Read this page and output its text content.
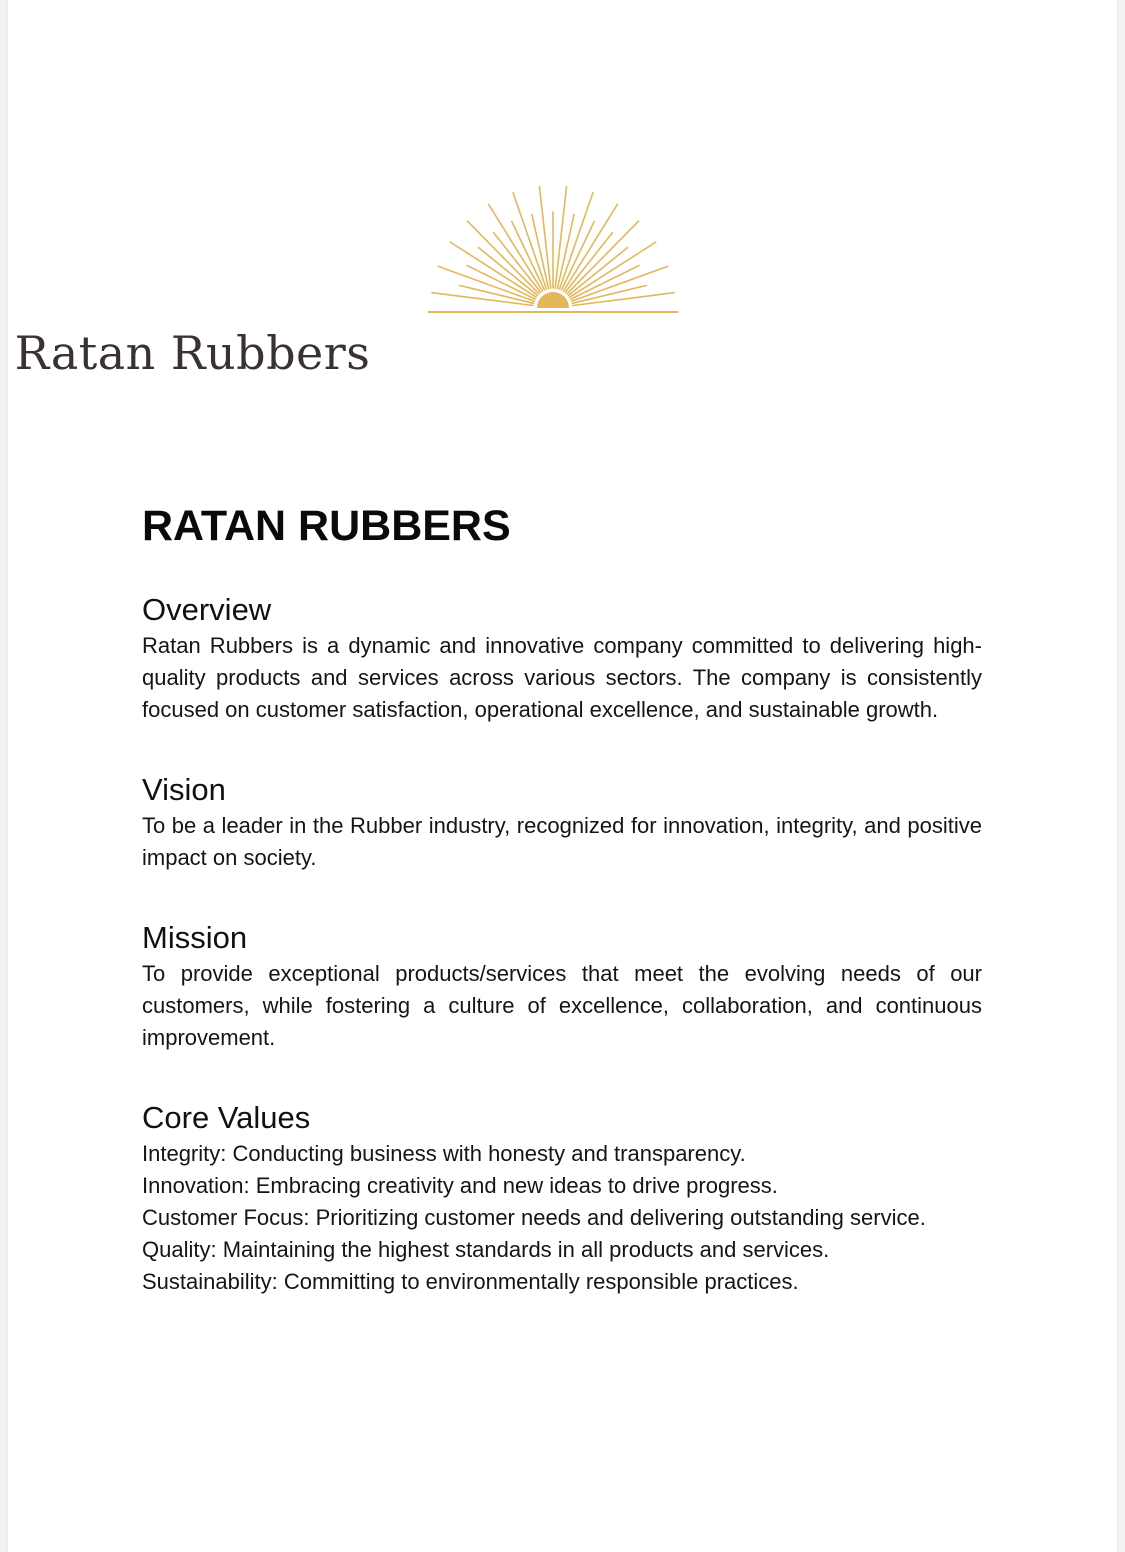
Ratan Rubbers
RATAN RUBBERS
Overview

Ratan Rubbers is a dynamic and innovative company committed to delivering high-quality products and services across various sectors. The company is consistently focused on customer satisfaction, operational excellence, and sustainable growth.

Vision

To be a leader in the Rubber industry, recognized for innovation, integrity, and positive impact on society.

Mission

To provide exceptional products/services that meet the evolving needs of our customers, while fostering a culture of excellence, collaboration, and continuous improvement.

Core Values
Integrity: Conducting business with honesty and transparency.
Innovation: Embracing creativity and new ideas to drive progress.
Customer Focus: Prioritizing customer needs and delivering outstanding service.
Quality: Maintaining the highest standards in all products and services.
Sustainability: Committing to environmentally responsible practices.
